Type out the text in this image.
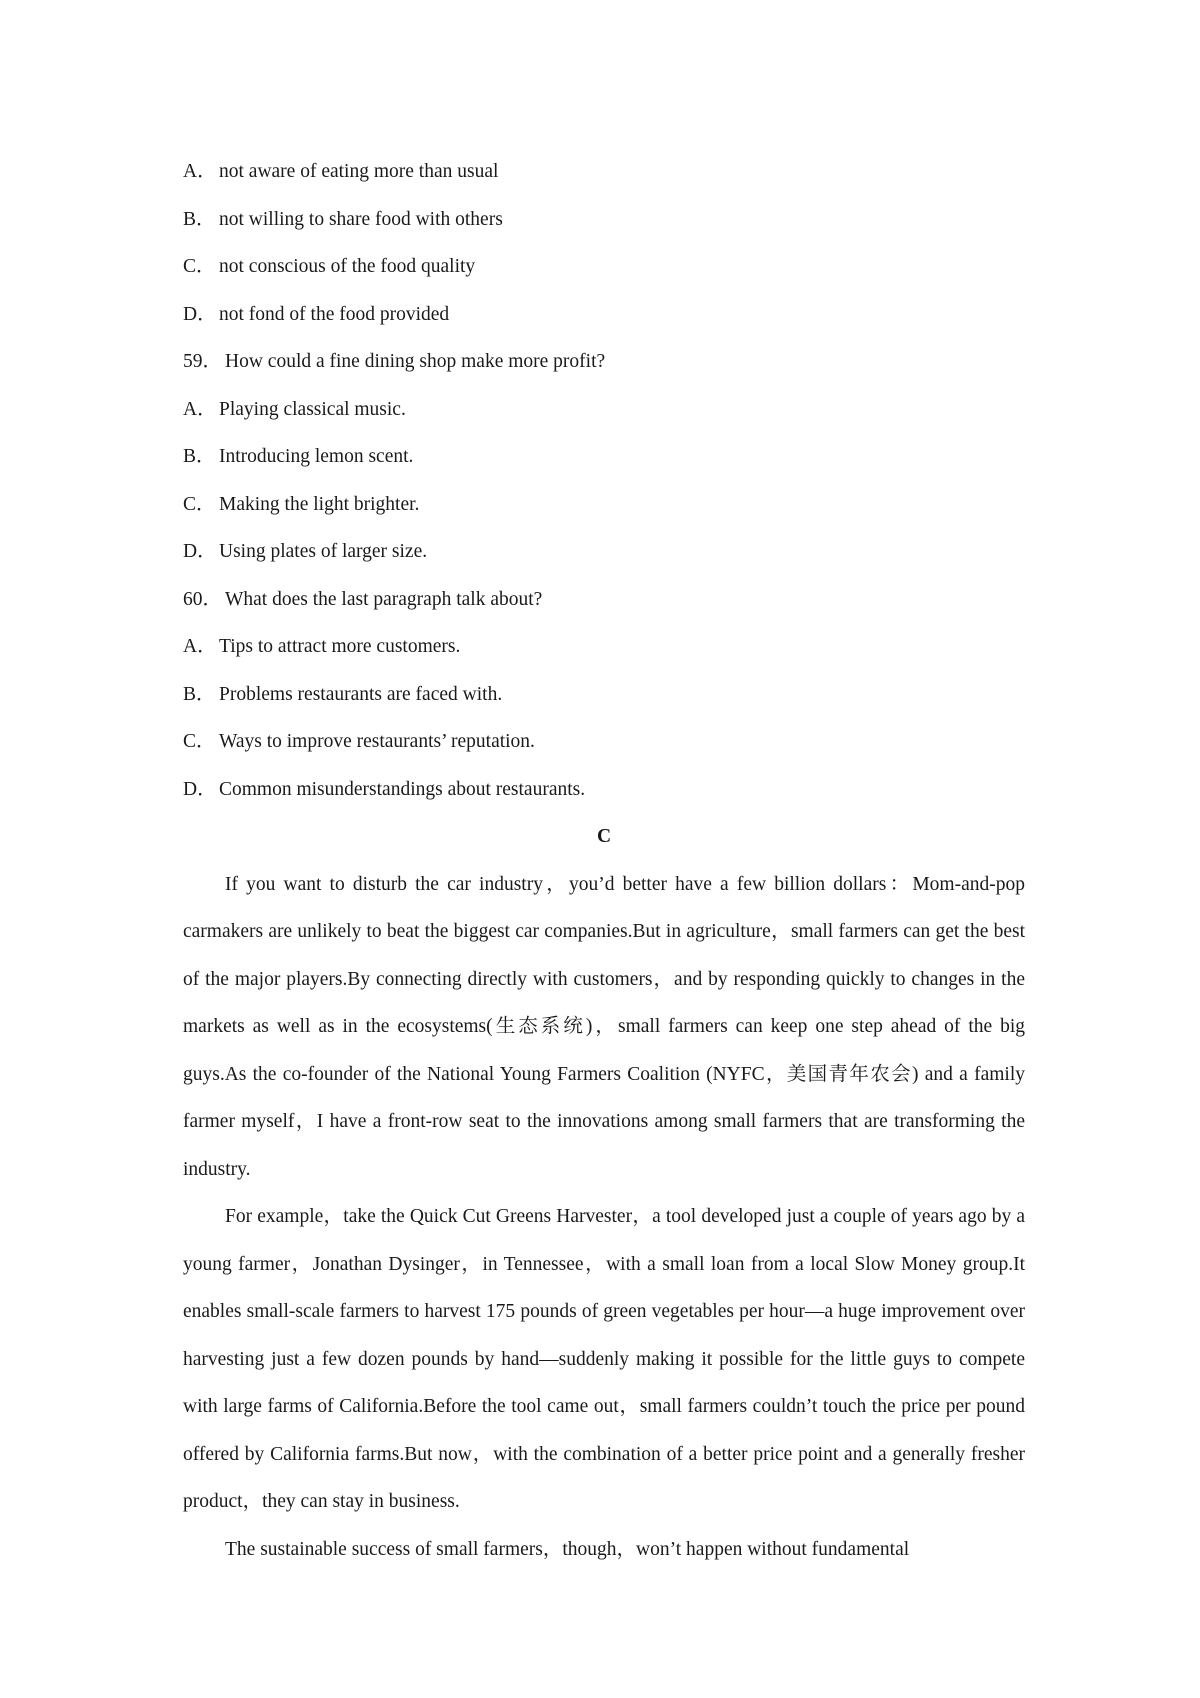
A． not aware of eating more than usual
B． not willing to share food with others
C． not conscious of the food quality
D． not fond of the food provided
59． How could a fine dining shop make more profit?
A． Playing classical music.
B． Introducing lemon scent.
C． Making the light brighter.
D． Using plates of larger size.
60． What does the last paragraph talk about?
A． Tips to attract more customers.
B． Problems restaurants are faced with.
C． Ways to improve restaurants’ reputation.
D． Common misunderstandings about restaurants.
C

If you want to disturb the car industry，you’d better have a few billion dollars：Mom-and-pop carmakers are unlikely to beat the biggest car companies.But in agriculture，small farmers can get the best of the major players.By connecting directly with customers，and by responding quickly to changes in the markets as well as in the ecosystems(生态系统)，small farmers can keep one step ahead of the big guys.As the co-founder of the National Young Farmers Coalition (NYFC，美国青年农会) and a family farmer myself，I have a front-row seat to the innovations among small farmers that are transforming the industry.

For example，take the Quick Cut Greens Harvester，a tool developed just a couple of years ago by a young farmer，Jonathan Dysinger，in Tennessee，with a small loan from a local Slow Money group.It enables small-scale farmers to harvest 175 pounds of green vegetables per hour—a huge improvement over harvesting just a few dozen pounds by hand—suddenly making it possible for the little guys to compete with large farms of California.Before the tool came out，small farmers couldn’t touch the price per pound offered by California farms.But now，with the combination of a better price point and a generally fresher product，they can stay in business.

The sustainable success of small farmers，though，won’t happen without fundamental
